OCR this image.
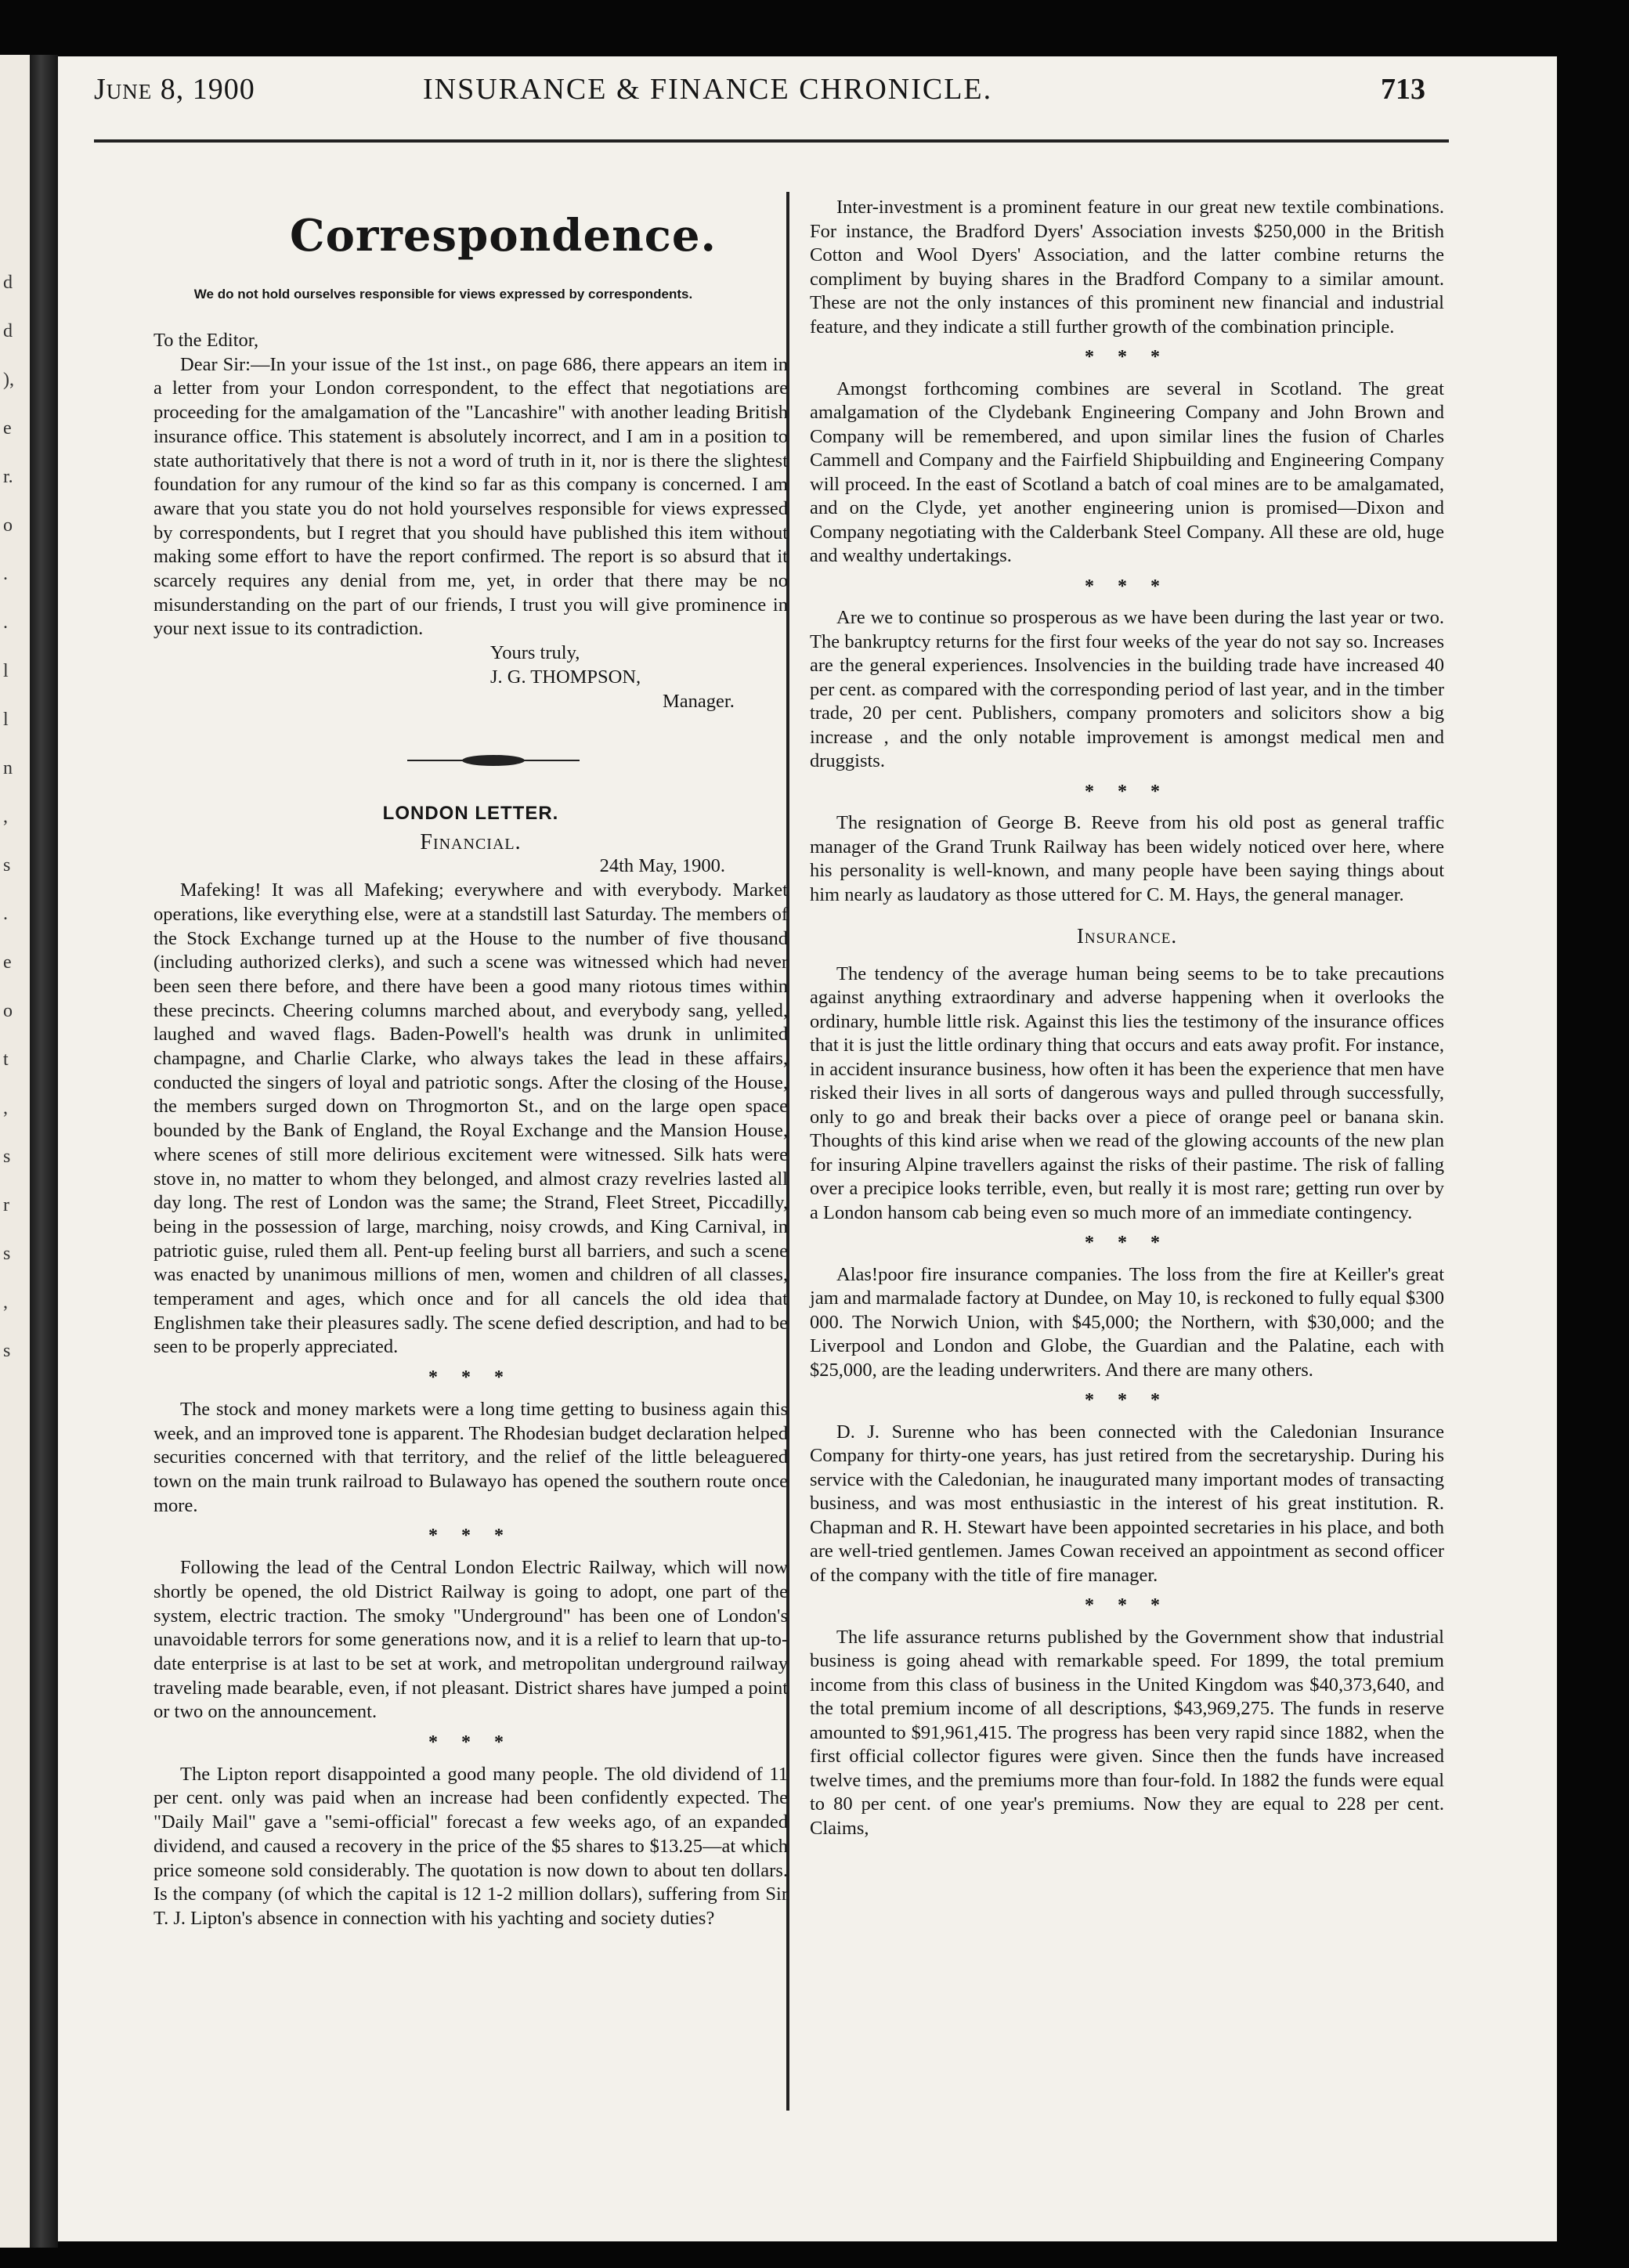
d
d
),
e
r.
o
.
.
l
l
n
,
s
.
e
o
t
,
s
r
s
,
s
June 8, 1900	INSURANCE & FINANCE CHRONICLE.	713
Correspondence.
We do not hold ourselves responsible for views expressed by correspondents.

To the Editor,

Dear Sir:—In your issue of the 1st inst., on page 686, there appears an item in a letter from your London correspondent, to the effect that negotiations are proceeding for the amalgamation of the "Lancashire" with another leading British insurance office. This statement is absolutely incorrect, and I am in a position to state authoritatively that there is not a word of truth in it, nor is there the slightest foundation for any rumour of the kind so far as this company is concerned. I am aware that you state you do not hold yourselves responsible for views expressed by correspondents, but I regret that you should have published this item without making some effort to have the report confirmed. The report is so absurd that it scarcely requires any denial from me, yet, in order that there may be no misunderstanding on the part of our friends, I trust you will give prominence in your next issue to its contradiction.

Yours truly,

J. G. THOMPSON,

Manager.

LONDON LETTER.
Financial.
24th May, 1900.

Mafeking! It was all Mafeking; everywhere and with everybody. Market operations, like everything else, were at a standstill last Saturday. The members of the Stock Exchange turned up at the House to the number of five thousand (including authorized clerks), and such a scene was witnessed which had never been seen there before, and there have been a good many riotous times within these precincts. Cheering columns marched about, and everybody sang, yelled, laughed and waved flags. Baden-Powell's health was drunk in unlimited champagne, and Charlie Clarke, who always takes the lead in these affairs, conducted the singers of loyal and patriotic songs. After the closing of the House, the members surged down on Throgmorton St., and on the large open space bounded by the Bank of England, the Royal Exchange and the Mansion House, where scenes of still more delirious excitement were witnessed. Silk hats were stove in, no matter to whom they belonged, and almost crazy revelries lasted all day long. The rest of London was the same; the Strand, Fleet Street, Piccadilly, being in the possession of large, marching, noisy crowds, and King Carnival, in patriotic guise, ruled them all. Pent-up feeling burst all barriers, and such a scene was enacted by unanimous millions of men, women and children of all classes, temperament and ages, which once and for all cancels the old idea that Englishmen take their pleasures sadly. The scene defied description, and had to be seen to be properly appreciated.

* * *

The stock and money markets were a long time getting to business again this week, and an improved tone is apparent. The Rhodesian budget declaration helped securities concerned with that territory, and the relief of the little beleaguered town on the main trunk railroad to Bulawayo has opened the southern route once more.

* * *

Following the lead of the Central London Electric Railway, which will now shortly be opened, the old District Railway is going to adopt, one part of the system, electric traction. The smoky "Underground" has been one of London's unavoidable terrors for some generations now, and it is a relief to learn that up-to-date enterprise is at last to be set at work, and metropolitan underground railway traveling made bearable, even, if not pleasant. District shares have jumped a point or two on the announcement.

* * *

The Lipton report disappointed a good many people. The old dividend of 11 per cent. only was paid when an increase had been confidently expected. The "Daily Mail" gave a "semi-official" forecast a few weeks ago, of an expanded dividend, and caused a recovery in the price of the $5 shares to $13.25—at which price someone sold considerably. The quotation is now down to about ten dollars. Is the company (of which the capital is 12 1-2 million dollars), suffering from Sir T. J. Lipton's absence in connection with his yachting and society duties?

Inter-investment is a prominent feature in our great new textile combinations. For instance, the Bradford Dyers' Association invests $250,000 in the British Cotton and Wool Dyers' Association, and the latter combine returns the compliment by buying shares in the Bradford Company to a similar amount. These are not the only instances of this prominent new financial and industrial feature, and they indicate a still further growth of the combination principle.

* * *

Amongst forthcoming combines are several in Scotland. The great amalgamation of the Clydebank Engineering Company and John Brown and Company will be remembered, and upon similar lines the fusion of Charles Cammell and Company and the Fairfield Shipbuilding and Engineering Company will proceed. In the east of Scotland a batch of coal mines are to be amalgamated, and on the Clyde, yet another engineering union is promised—Dixon and Company negotiating with the Calderbank Steel Company. All these are old, huge and wealthy undertakings.

* * *

Are we to continue so prosperous as we have been during the last year or two. The bankruptcy returns for the first four weeks of the year do not say so. Increases are the general experiences. Insolvencies in the building trade have increased 40 per cent. as compared with the corresponding period of last year, and in the timber trade, 20 per cent. Publishers, company promoters and solicitors show a big increase , and the only notable improvement is amongst medical men and druggists.

* * *

The resignation of George B. Reeve from his old post as general traffic manager of the Grand Trunk Railway has been widely noticed over here, where his personality is well-known, and many people have been saying things about him nearly as laudatory as those uttered for C. M. Hays, the general manager.

Insurance.

The tendency of the average human being seems to be to take precautions against anything extraordinary and adverse happening when it overlooks the ordinary, humble little risk. Against this lies the testimony of the insurance offices that it is just the little ordinary thing that occurs and eats away profit. For instance, in accident insurance business, how often it has been the experience that men have risked their lives in all sorts of dangerous ways and pulled through successfully, only to go and break their backs over a piece of orange peel or banana skin. Thoughts of this kind arise when we read of the glowing accounts of the new plan for insuring Alpine travellers against the risks of their pastime. The risk of falling over a precipice looks terrible, even, but really it is most rare; getting run over by a London hansom cab being even so much more of an immediate contingency.

* * *

Alas!poor fire insurance companies. The loss from the fire at Keiller's great jam and marmalade factory at Dundee, on May 10, is reckoned to fully equal $300 000. The Norwich Union, with $45,000; the Northern, with $30,000; and the Liverpool and London and Globe, the Guardian and the Palatine, each with $25,000, are the leading underwriters. And there are many others.

* * *

D. J. Surenne who has been connected with the Caledonian Insurance Company for thirty-one years, has just retired from the secretaryship. During his service with the Caledonian, he inaugurated many important modes of transacting business, and was most enthusiastic in the interest of his great institution. R. Chapman and R. H. Stewart have been appointed secretaries in his place, and both are well-tried gentlemen. James Cowan received an appointment as second officer of the company with the title of fire manager.

* * *

The life assurance returns published by the Government show that industrial business is going ahead with remarkable speed. For 1899, the total premium income from this class of business in the United Kingdom was $40,373,640, and the total premium income of all descriptions, $43,969,275. The funds in reserve amounted to $91,961,415. The progress has been very rapid since 1882, when the first official collector figures were given. Since then the funds have increased twelve times, and the premiums more than four-fold. In 1882 the funds were equal to 80 per cent. of one year's premiums. Now they are equal to 228 per cent. Claims,
